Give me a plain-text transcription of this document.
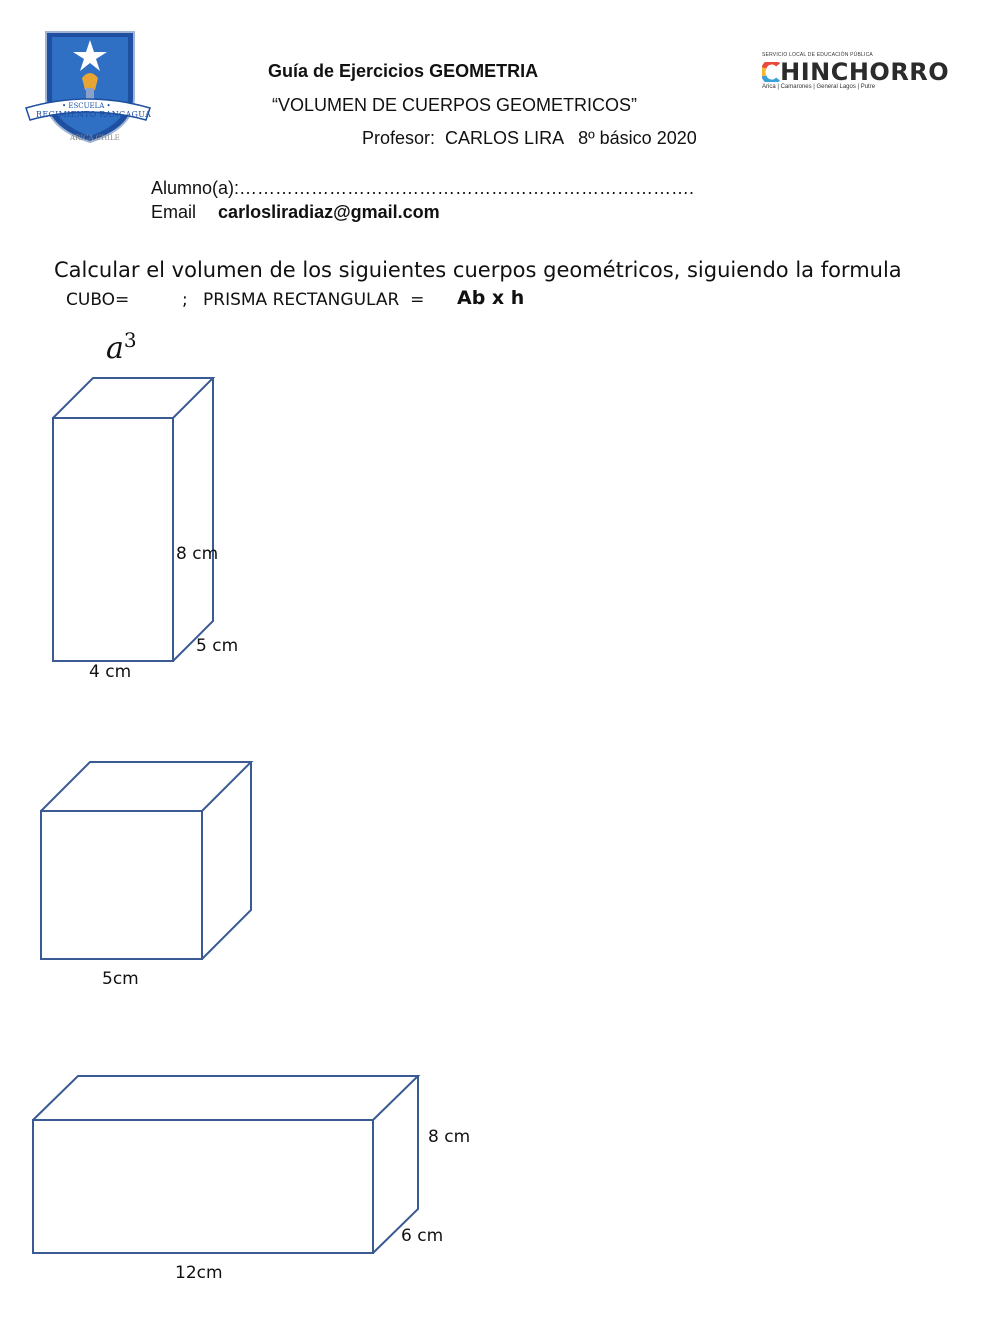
• ESCUELA •
REGIMIENTO RANCAGUA
ARICA CHILE
Guía de Ejercicios GEOMETRIA
“VOLUMEN DE CUERPOS GEOMETRICOS”
Profesor:  CARLOS LIRA   8º básico 2020
SERVICIO LOCAL DE EDUCACIÓN PÚBLICA
HINCHORRO
Arica | Camarones | General Lagos | Putre
Alumno(a):………………………………………………………………….
Email carlosliradiaz@gmail.com
Calcular el volumen de los siguientes cuerpos geométricos, siguiendo la formula
CUBO=	; PRISMA RECTANGULAR  = Ab x h
$a^3$
8 cm
5 cm
4 cm
5cm
8 cm
6 cm
12cm
